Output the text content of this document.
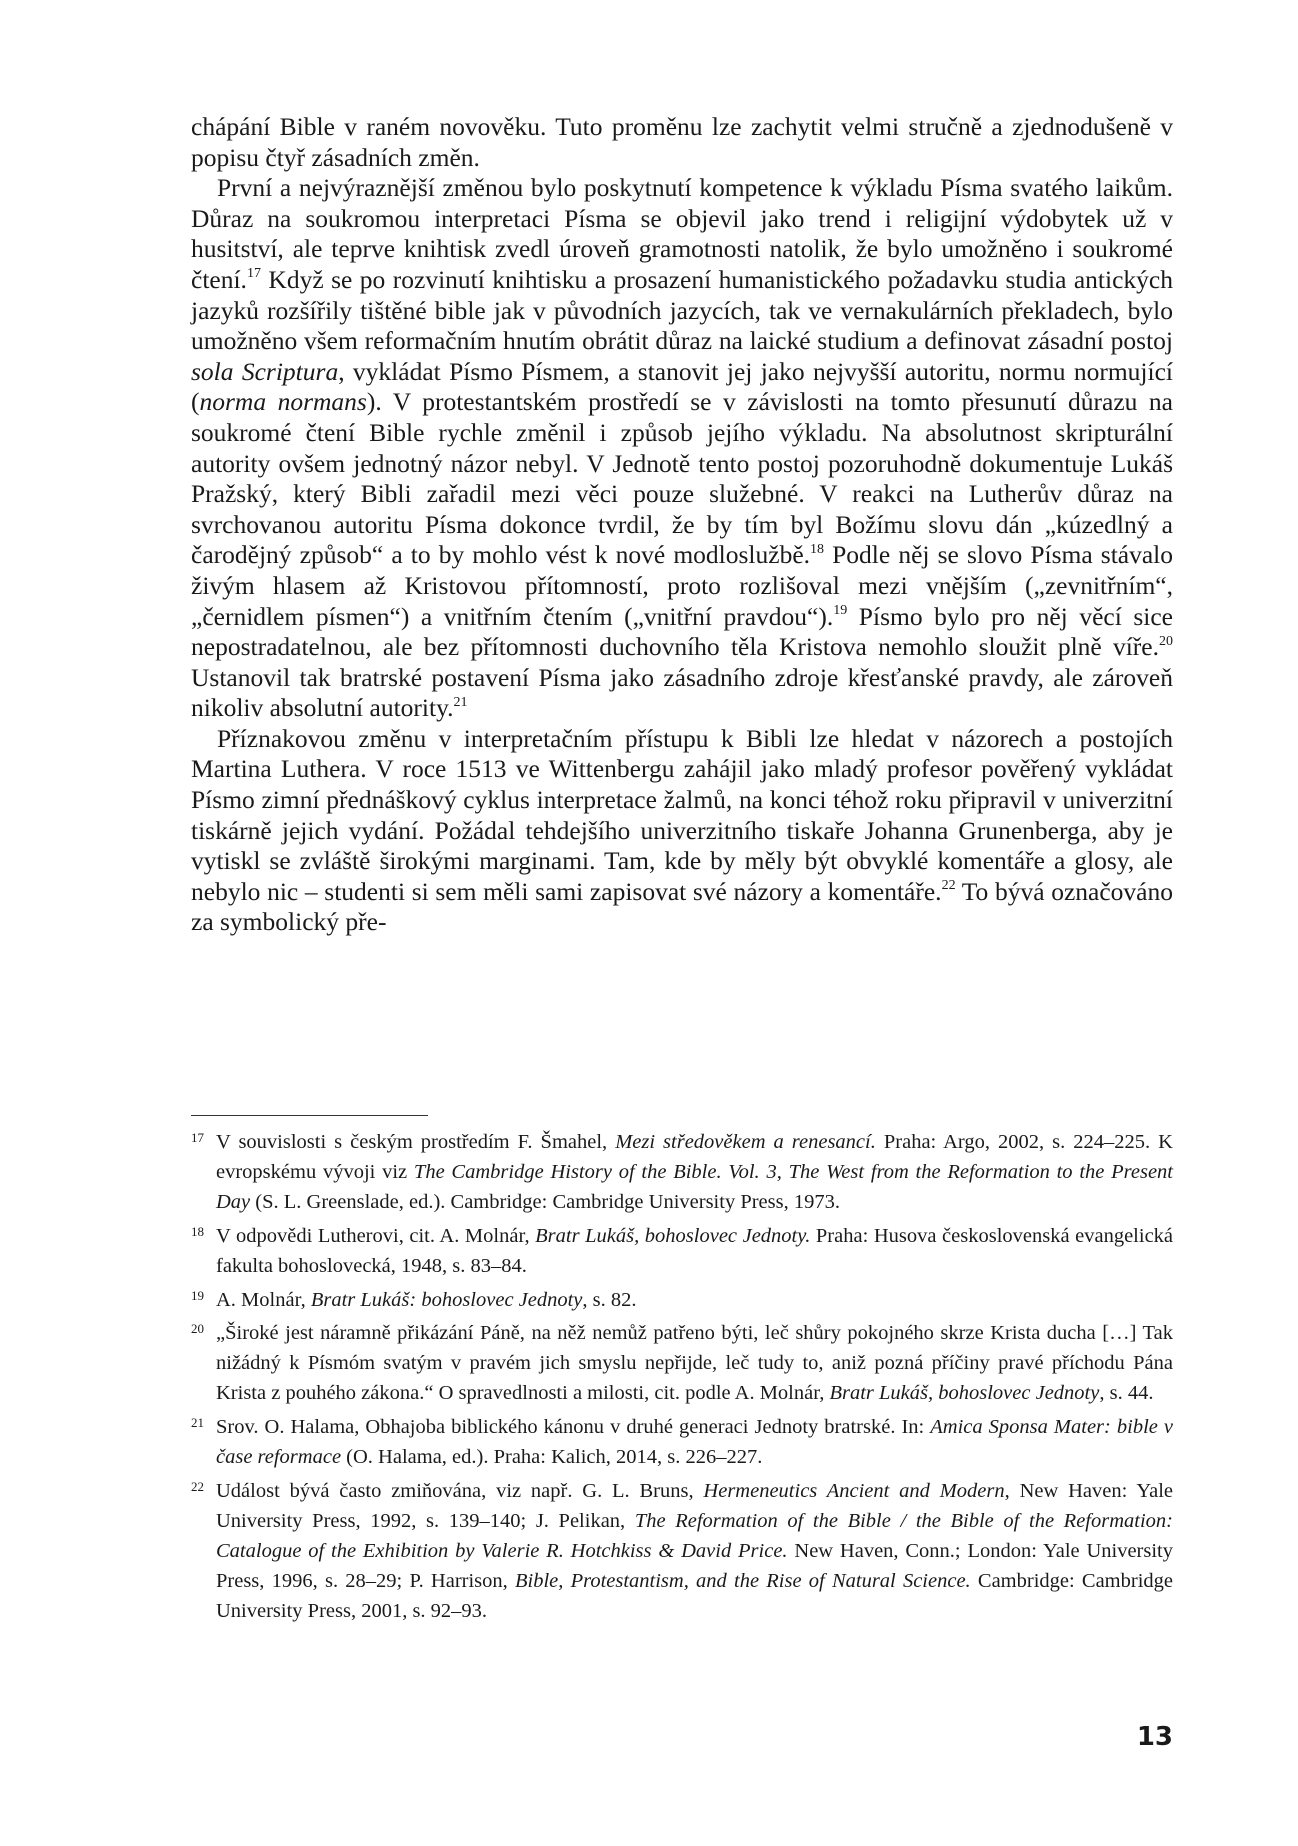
chápání Bible v raném novověku. Tuto proměnu lze zachytit velmi stručně a zjednodušeně v popisu čtyř zásadních změn.

První a nejvýraznější změnou bylo poskytnutí kompetence k výkladu Písma svatého laikům. Důraz na soukromou interpretaci Písma se objevil jako trend i religijní výdobytek už v husitství, ale teprve knihtisk zvedl úroveň gramotnosti natolik, že bylo umožněno i soukromé čtení.$^{17}$ Když se po rozvinutí knihtisku a prosazení humanistického požadavku studia antických jazyků rozšířily tištěné bible jak v původních jazycích, tak ve vernakulárních překladech, bylo umožněno všem reformačním hnutím obrátit důraz na laické studium a definovat zásadní postoj sola Scriptura, vykládat Písmo Písmem, a stanovit jej jako nejvyšší autoritu, normu normující (norma normans). V protestantském prostředí se v závislosti na tomto přesunutí důrazu na soukromé čtení Bible rychle změnil i způsob jejího výkladu. Na absolutnost skripturální autority ovšem jednotný názor nebyl. V Jednotě tento postoj pozoruhodně dokumentuje Lukáš Pražský, který Bibli zařadil mezi věci pouze služebné. V reakci na Lutherův důraz na svrchovanou autoritu Písma dokonce tvrdil, že by tím byl Božímu slovu dán „kúzedlný a čarodějný způsob“ a to by mohlo vést k nové modloslužbě.$^{18}$ Podle něj se slovo Písma stávalo živým hlasem až Kristovou přítomností, proto rozlišoval mezi vnějším („zevnitřním“, „černidlem písmen“) a vnitřním čtením („vnitřní pravdou“).$^{19}$ Písmo bylo pro něj věcí sice nepostradatelnou, ale bez přítomnosti duchovního těla Kristova nemohlo sloužit plně víře.$^{20}$ Ustanovil tak bratrské postavení Písma jako zásadního zdroje křesťanské pravdy, ale zároveň nikoliv absolutní autority.$^{21}$

Příznakovou změnu v interpretačním přístupu k Bibli lze hledat v názorech a postojích Martina Luthera. V roce 1513 ve Wittenbergu zahájil jako mladý profesor pověřený vykládat Písmo zimní přednáškový cyklus interpretace žalmů, na konci téhož roku připravil v univerzitní tiskárně jejich vydání. Požádal tehdejšího univerzitního tiskaře Johanna Grunenberga, aby je vytiskl se zvláště širokými marginami. Tam, kde by měly být obvyklé komentáře a glosy, ale nebylo nic – studenti si sem měli sami zapisovat své názory a komentáře.$^{22}$ To bývá označováno za symbolický pře-

17 V souvislosti s českým prostředím F. Šmahel, Mezi středověkem a renesancí. Praha: Argo, 2002, s. 224–225. K evropskému vývoji viz The Cambridge History of the Bible. Vol. 3, The West from the Reformation to the Present Day (S. L. Greenslade, ed.). Cambridge: Cambridge University Press, 1973.
18 V odpovědi Lutherovi, cit. A. Molnár, Bratr Lukáš, bohoslovec Jednoty. Praha: Husova československá evangelická fakulta bohoslovecká, 1948, s. 83–84.
19 A. Molnár, Bratr Lukáš: bohoslovec Jednoty, s. 82.
20 „Široké jest náramně přikázání Páně, na něž nemůž patřeno býti, leč shůry pokojného skrze Krista ducha […] Tak nižádný k Písmóm svatým v pravém jich smyslu nepřijde, leč tudy to, aniž pozná příčiny pravé příchodu Pána Krista z pouhého zákona.“ O spravedlnosti a milosti, cit. podle A. Molnár, Bratr Lukáš, bohoslovec Jednoty, s. 44.
21 Srov. O. Halama, Obhajoba biblického kánonu v druhé generaci Jednoty bratrské. In: Amica Sponsa Mater: bible v čase reformace (O. Halama, ed.). Praha: Kalich, 2014, s. 226–227.
22 Událost bývá často zmiňována, viz např. G. L. Bruns, Hermeneutics Ancient and Modern, New Haven: Yale University Press, 1992, s. 139–140; J. Pelikan, The Reformation of the Bible / the Bible of the Reformation: Catalogue of the Exhibition by Valerie R. Hotchkiss & David Price. New Haven, Conn.; London: Yale University Press, 1996, s. 28–29; P. Harrison, Bible, Protestantism, and the Rise of Natural Science. Cambridge: Cambridge University Press, 2001, s. 92–93.
13
